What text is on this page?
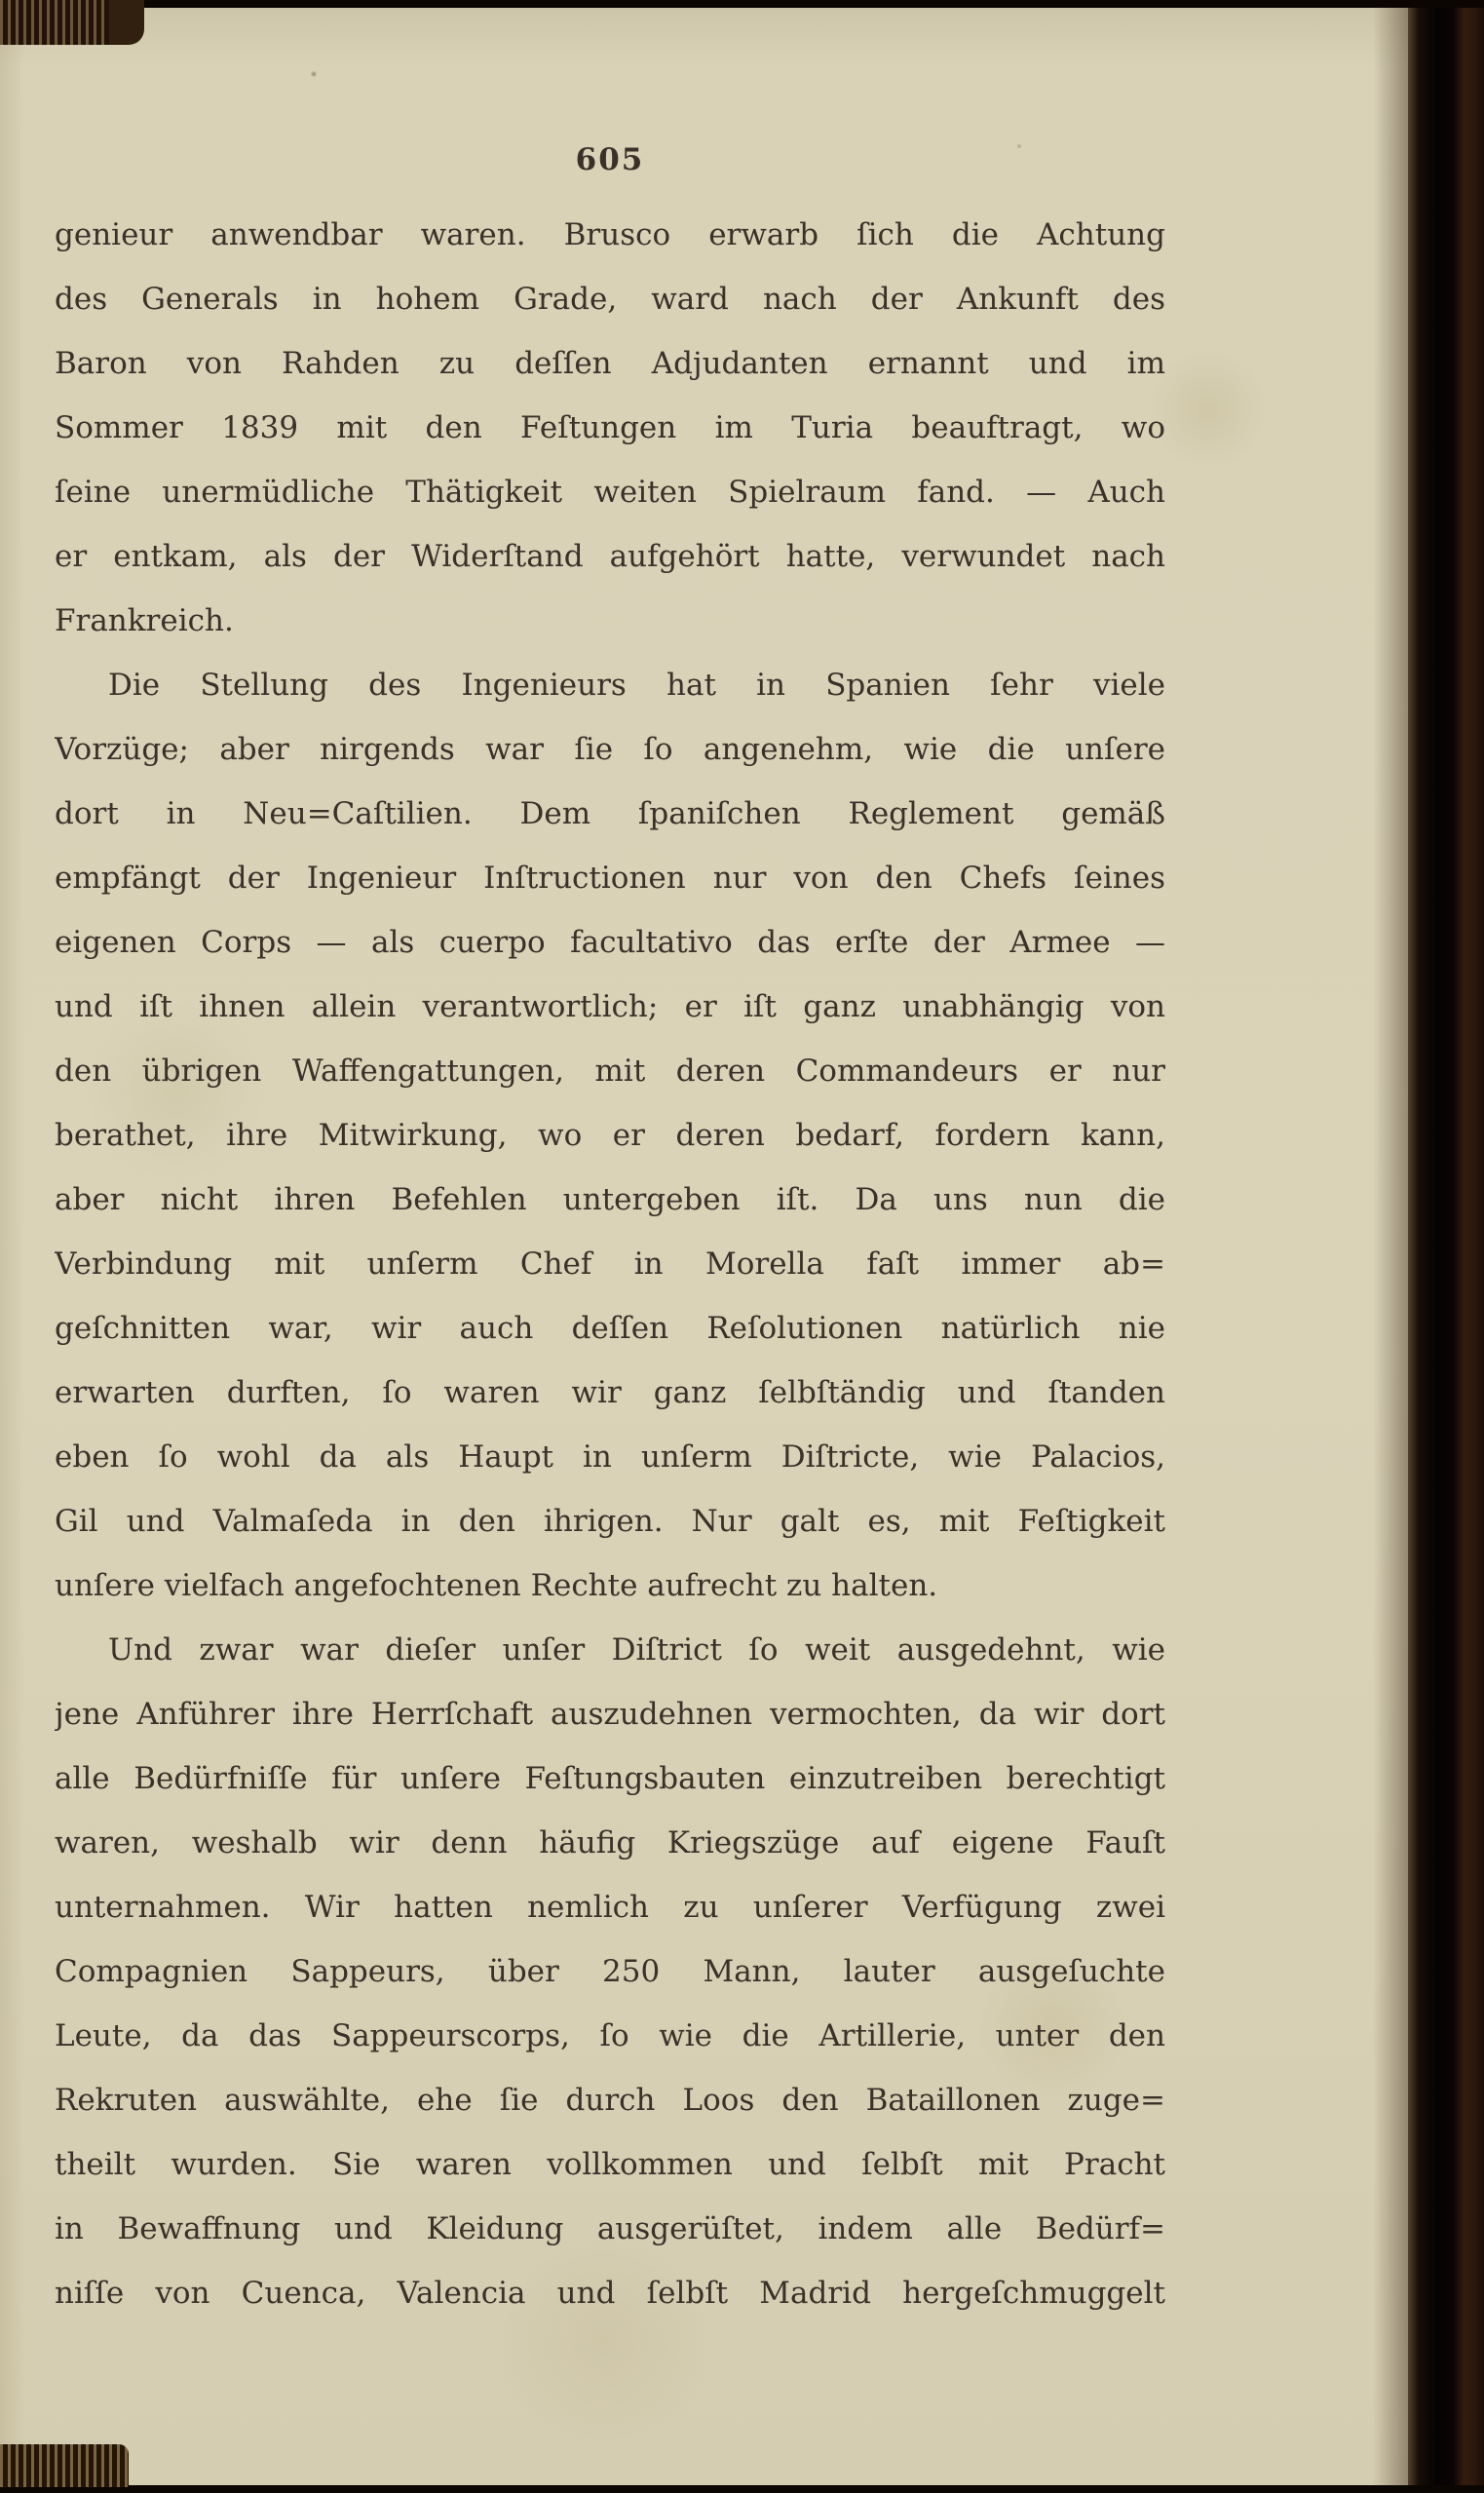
605
genieur anwendbar waren. Brusco erwarb ſich die Achtung
des Generals in hohem Grade, ward nach der Ankunft des
Baron von Rahden zu deſſen Adjudanten ernannt und im
Sommer 1839 mit den Feſtungen im Turia beauftragt, wo
ſeine unermüdliche Thätigkeit weiten Spielraum fand. — Auch
er entkam, als der Widerſtand aufgehört hatte, verwundet nach
Frankreich.
Die Stellung des Ingenieurs hat in Spanien ſehr viele
Vorzüge; aber nirgends war ſie ſo angenehm, wie die unſere
dort in Neu=Caſtilien. Dem ſpaniſchen Reglement gemäß
empfängt der Ingenieur Inſtructionen nur von den Chefs ſeines
eigenen Corps — als cuerpo facultativo das erſte der Armee —
und iſt ihnen allein verantwortlich; er iſt ganz unabhängig von
den übrigen Waffengattungen, mit deren Commandeurs er nur
berathet, ihre Mitwirkung, wo er deren bedarf, fordern kann,
aber nicht ihren Befehlen untergeben iſt. Da uns nun die
Verbindung mit unſerm Chef in Morella faſt immer ab=
geſchnitten war, wir auch deſſen Reſolutionen natürlich nie
erwarten durften, ſo waren wir ganz ſelbſtändig und ſtanden
eben ſo wohl da als Haupt in unſerm Diſtricte, wie Palacios,
Gil und Valmaſeda in den ihrigen. Nur galt es, mit Feſtigkeit
unſere vielfach angefochtenen Rechte aufrecht zu halten.
Und zwar war dieſer unſer Diſtrict ſo weit ausgedehnt, wie
jene Anführer ihre Herrſchaft auszudehnen vermochten, da wir dort
alle Bedürfniſſe für unſere Feſtungsbauten einzutreiben berechtigt
waren, weshalb wir denn häufig Kriegszüge auf eigene Fauſt
unternahmen. Wir hatten nemlich zu unſerer Verfügung zwei
Compagnien Sappeurs, über 250 Mann, lauter ausgeſuchte
Leute, da das Sappeurscorps, ſo wie die Artillerie, unter den
Rekruten auswählte, ehe ſie durch Loos den Bataillonen zuge=
theilt wurden. Sie waren vollkommen und ſelbſt mit Pracht
in Bewaffnung und Kleidung ausgerüſtet, indem alle Bedürf=
niſſe von Cuenca, Valencia und ſelbſt Madrid hergeſchmuggelt
